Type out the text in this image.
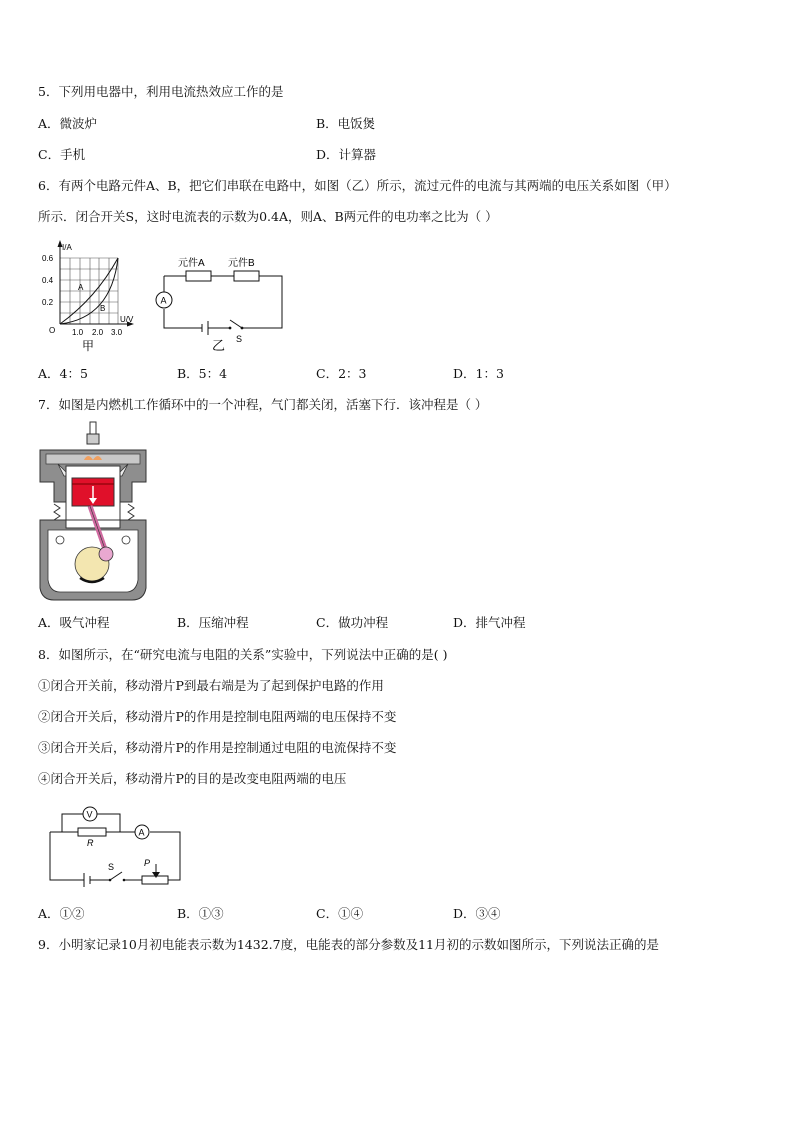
5．下列用电器中，利用电流热效应工作的是
A．微波炉	B．电饭煲
C．手机	D．计算器
6．有两个电路元件A、B，把它们串联在电路中，如图（乙）所示，流过元件的电流与其两端的电压关系如图（甲）
所示．闭合开关S，这时电流表的示数为0.4A，则A、B两元件的电功率之比为（ ）
I/A
U/V
0.6
0.4
0.2
O 1.0 2.0 3.0
A
B
甲
元件A 元件B
A
S
乙
A．4：5	B．5：4	C．2：3	D．1：3
7．如图是内燃机工作循环中的一个冲程，气门都关闭，活塞下行．该冲程是（ ）
A．吸气冲程	B．压缩冲程	C．做功冲程	D．排气冲程
8．如图所示，在“研究电流与电阻的关系”实验中，下列说法中正确的是( )
①闭合开关前，移动滑片P到最右端是为了起到保护电路的作用
②闭合开关后，移动滑片P的作用是控制电阻两端的电压保持不变
③闭合开关后，移动滑片P的作用是控制通过电阻的电流保持不变
④闭合开关后，移动滑片P的目的是改变电阻两端的电压
V
A
R
S	P
A．①②	B．①③	C．①④	D．③④
9．小明家记录10月初电能表示数为1432.7度，电能表的部分参数及11月初的示数如图所示，下列说法正确的是
